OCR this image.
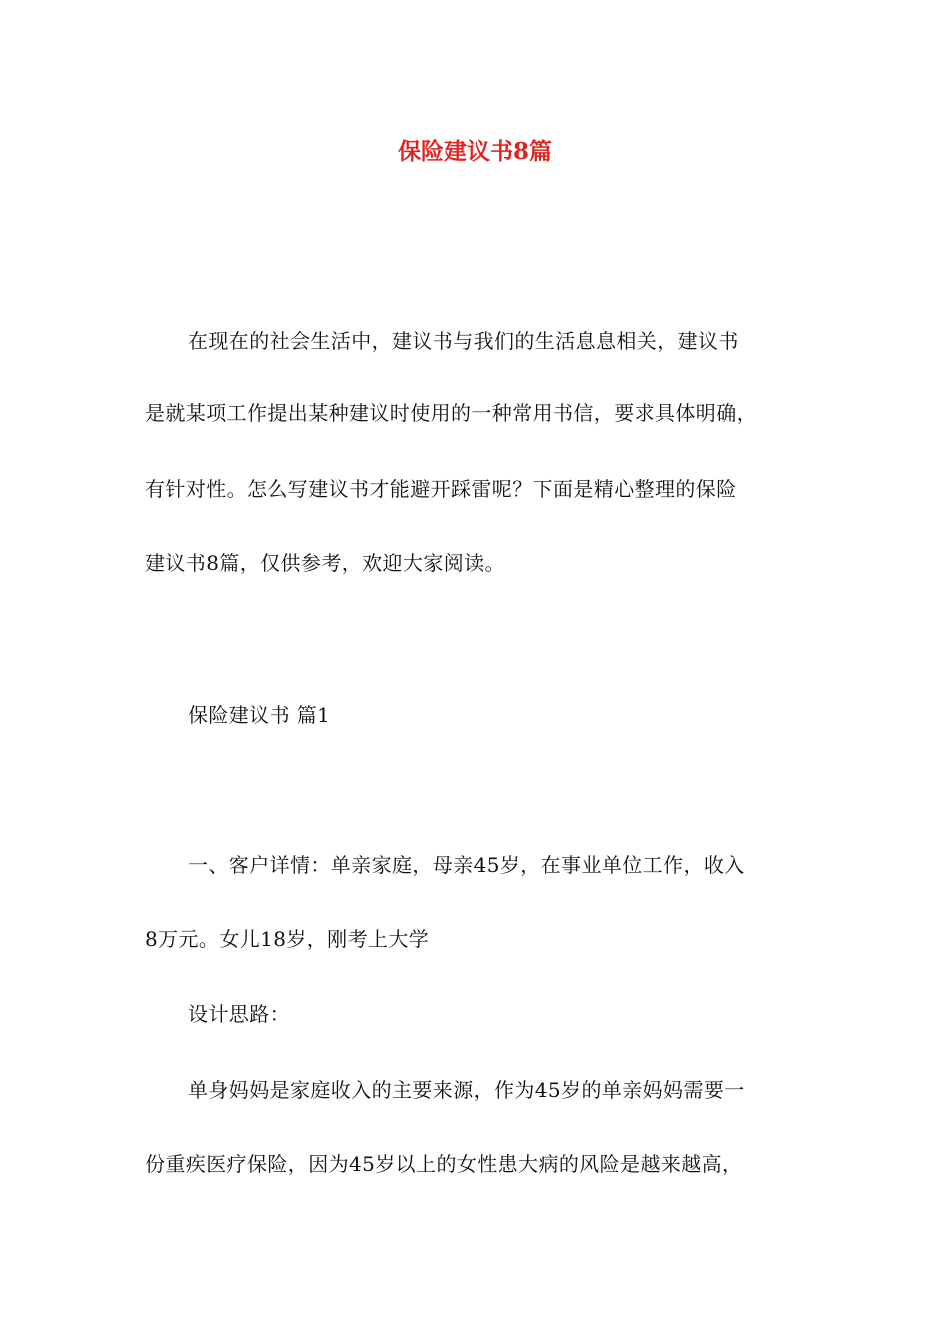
保险建议书8篇
在现在的社会生活中，建议书与我们的生活息息相关，建议书
是就某项工作提出某种建议时使用的一种常用书信，要求具体明确，
有针对性。怎么写建议书才能避开踩雷呢？下面是精心整理的保险
建议书8篇，仅供参考，欢迎大家阅读。
保险建议书 篇1
一、客户详情：单亲家庭，母亲45岁，在事业单位工作，收入
8万元。女儿18岁，刚考上大学
设计思路：
单身妈妈是家庭收入的主要来源，作为45岁的单亲妈妈需要一
份重疾医疗保险，因为45岁以上的女性患大病的风险是越来越高，
